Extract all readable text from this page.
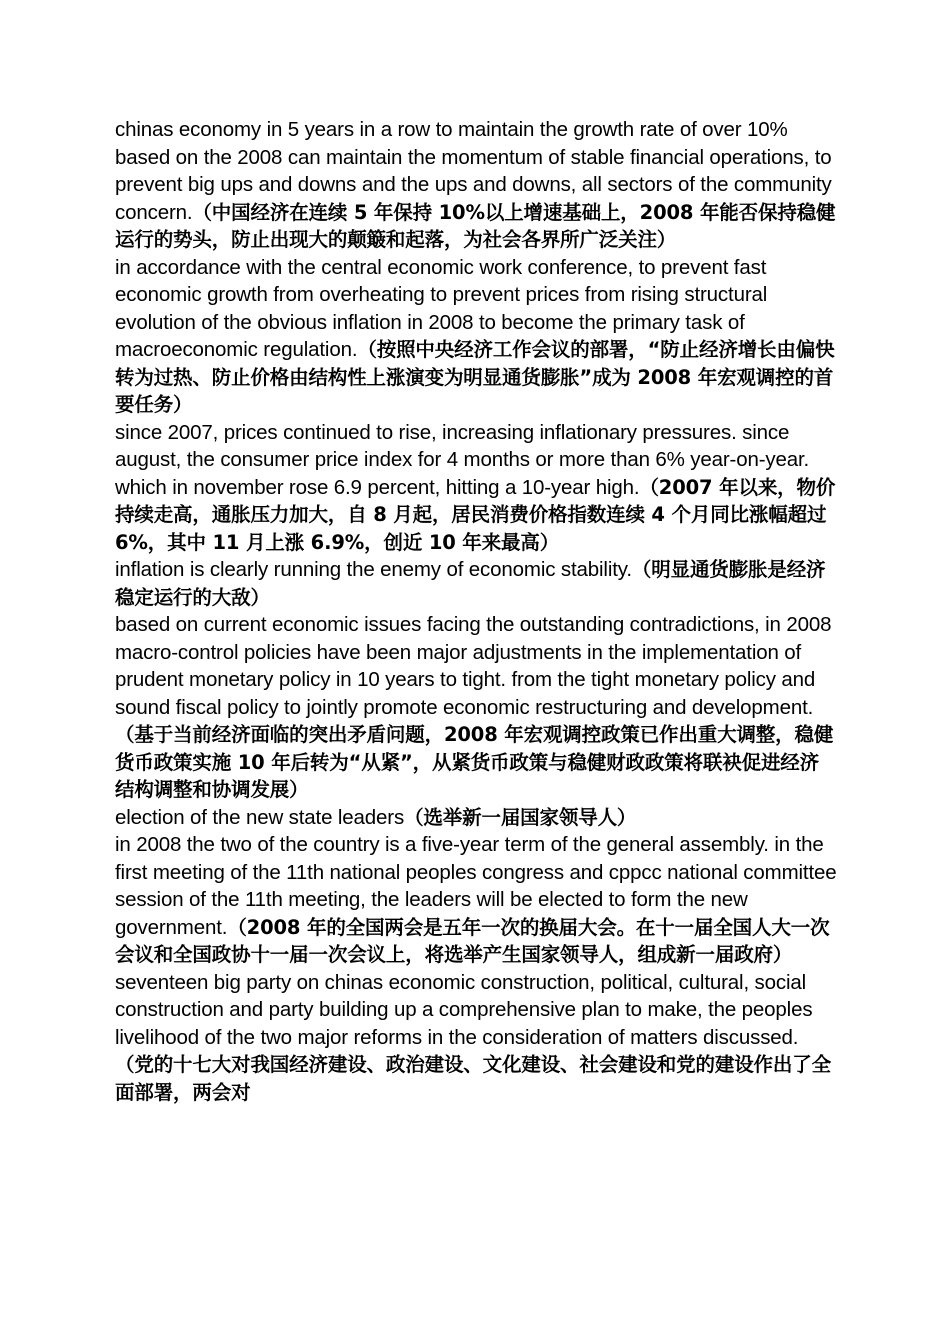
chinas economy in 5 years in a row to maintain the growth rate of over 10% based on the 2008 can maintain the momentum of stable financial operations, to prevent big ups and downs and the ups and downs, all sectors of the community concern.（中国经济在连续 5 年保持 10%以上增速基础上，2008 年能否保持稳健运行的势头，防止出现大的颠簸和起落，为社会各界所广泛关注）

in accordance with the central economic work conference, to prevent fast economic growth from overheating to prevent prices from rising structural evolution of the obvious inflation in 2008 to become the primary task of macroeconomic regulation.（按照中央经济工作会议的部署，“防止经济增长由偏快转为过热、防止价格由结构性上涨演变为明显通货膨胀”成为 2008 年宏观调控的首要任务）

since 2007, prices continued to rise, increasing inflationary pressures. since august, the consumer price index for 4 months or more than 6% year-on-year. which in november rose 6.9 percent, hitting a 10-year high.（2007 年以来，物价持续走高，通胀压力加大，自 8 月起，居民消费价格指数连续 4 个月同比涨幅超过 6%，其中 11 月上涨 6.9%，创近 10 年来最高）

inflation is clearly running the enemy of economic stability.（明显通货膨胀是经济稳定运行的大敌）

based on current economic issues facing the outstanding contradictions, in 2008 macro-control policies have been major adjustments in the implementation of prudent monetary policy in 10 years to tight. from the tight monetary policy and sound fiscal policy to jointly promote economic restructuring and development.（基于当前经济面临的突出矛盾问题，2008 年宏观调控政策已作出重大调整，稳健货币政策实施 10 年后转为“从紧”，从紧货币政策与稳健财政政策将联袂促进经济结构调整和协调发展）

election of the new state leaders（选举新一届国家领导人）

in 2008 the two of the country is a five-year term of the general assembly. in the first meeting of the 11th national peoples congress and cppcc national committee session of the 11th meeting, the leaders will be elected to form the new government.（2008 年的全国两会是五年一次的换届大会。在十一届全国人大一次会议和全国政协十一届一次会议上，将选举产生国家领导人，组成新一届政府）

seventeen big party on chinas economic construction, political, cultural, social construction and party building up a comprehensive plan to make, the peoples livelihood of the two major reforms in the consideration of matters discussed.（党的十七大对我国经济建设、政治建设、文化建设、社会建设和党的建设作出了全面部署，两会对
